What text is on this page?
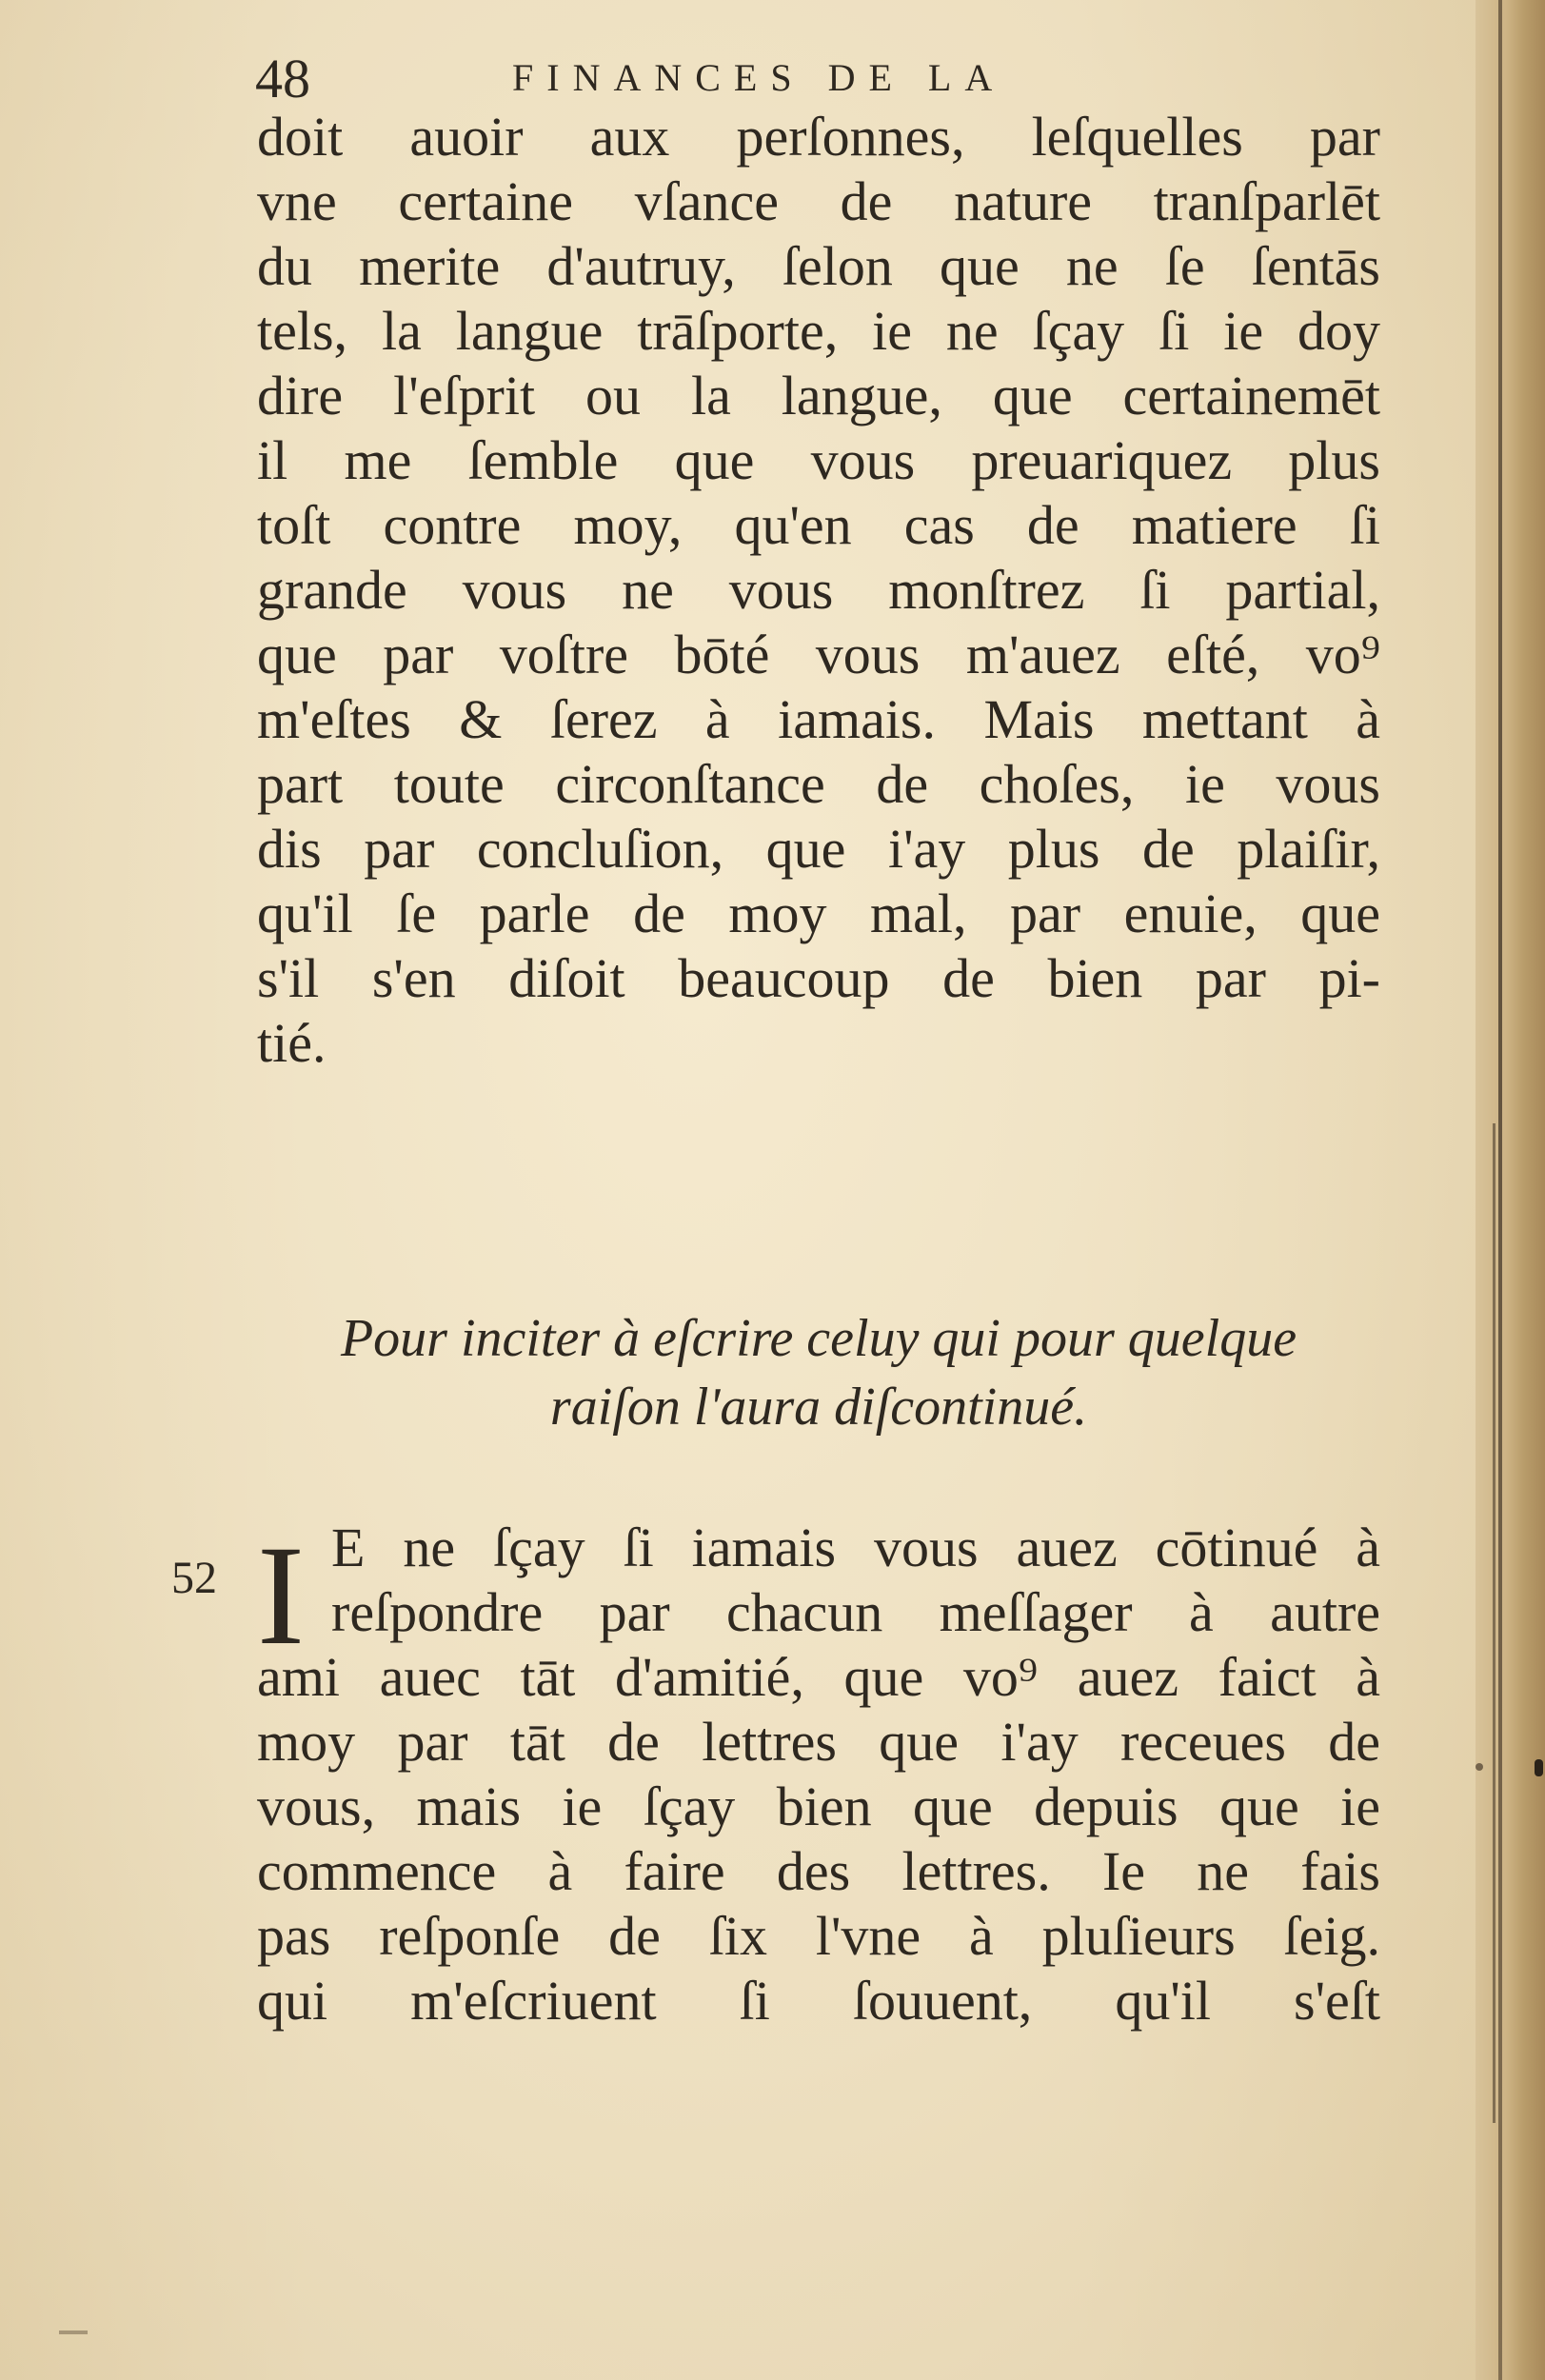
48	FINANCES DE LA
doit auoir aux perſonnes, leſquelles par
vne certaine vſance de nature tranſparlēt
du merite d'autruy, ſelon que ne ſe ſentās
tels, la langue trāſporte, ie ne ſçay ſi ie doy
dire l'eſprit ou la langue, que certainemēt
il me ſemble que vous preuariquez plus
toſt contre moy, qu'en cas de matiere ſi
grande vous ne vous monſtrez ſi partial,
que par voſtre bōté vous m'auez eſté, vo⁹
m'eſtes & ſerez à iamais. Mais mettant à
part toute circonſtance de choſes, ie vous
dis par concluſion, que i'ay plus de plaiſir,
qu'il ſe parle de moy mal, par enuie, que
s'il s'en diſoit beaucoup de bien par pi-
tié.
Pour inciter à eſcrire celuy qui pour quelque
raiſon l'aura diſcontinué.
52 I E ne ſçay ſi iamais vous auez cōtinué à
reſpondre par chacun meſſager à autre
ami auec tāt d'amitié, que vo⁹ auez faict à
moy par tāt de lettres que i'ay receues de
vous, mais ie ſçay bien que depuis que ie
commence à faire des lettres. Ie ne fais
pas reſponſe de ſix l'vne à pluſieurs ſeig.
qui m'eſcriuent ſi ſouuent, qu'il s'eſt
